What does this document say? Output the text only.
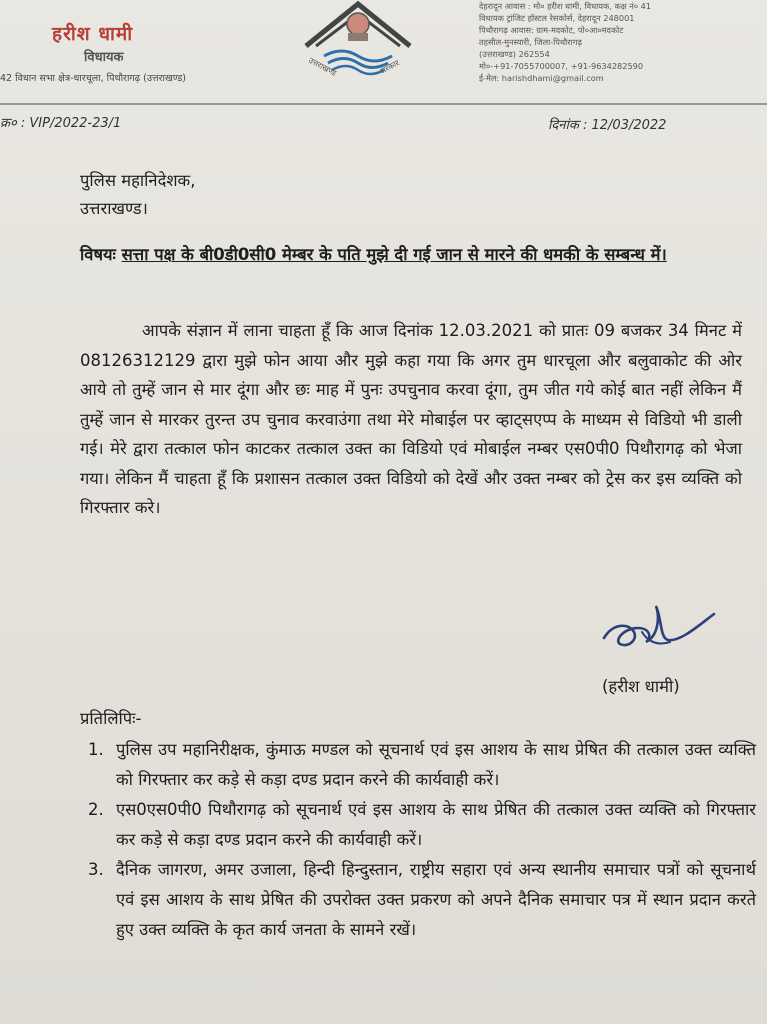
हरीश धामी
विधायक
42 विधान सभा क्षेत्र-धारचूला, पिथौरागढ़ (उत्तराखण्ड)
उत्तराखण्ड	सरकार
देहरादून आवास : मो० हरीश धामी, विधायक, कक्ष नं० 41
विधायक ट्रांजिट हॉस्टल रेसकोर्स, देहरादून 248001
पिथौरागढ़ आवास: ग्राम-मदकोट, पो०आ०मदकोट
तहसील-मुनस्यारी, जिला-पिथौरागढ़
(उत्तराखण्ड) 262554
मो०-+91-7055700007, +91-9634282590
ई-मेल: harishdhami@gmail.com
क्र० : VIP/2022-23/1	दिनांक : 12/03/2022
पुलिस महानिदेशक,
उत्तराखण्ड।
विषयः सत्ता पक्ष के बी0डी0सी0 मेम्बर के पति मुझे दी गई जान से मारने की धमकी के सम्बन्ध में।
आपके संज्ञान में लाना चाहता हूँ कि आज दिनांक 12.03.2021 को प्रातः 09 बजकर 34 मिनट में 08126312129 द्वारा मुझे फोन आया और मुझे कहा गया कि अगर तुम धारचूला और बलुवाकोट की ओर आये तो तुम्हें जान से मार दूंगा और छः माह में पुनः उपचुनाव करवा दूंगा, तुम जीत गये कोई बात नहीं लेकिन मैं तुम्हें जान से मारकर तुरन्त उप चुनाव करवाउंगा तथा मेरे मोबाईल पर व्हाट्सएप्प के माध्यम से विडियो भी डाली गई। मेरे द्वारा तत्काल फोन काटकर तत्काल उक्त का विडियो एवं मोबाईल नम्बर एस0पी0 पिथौरागढ़ को भेजा गया। लेकिन मैं चाहता हूँ कि प्रशासन तत्काल उक्त विडियो को देखें और उक्त नम्बर को ट्रेस कर इस व्यक्ति को गिरफ्तार करे।
(हरीश धामी)
प्रतिलिपिः-
1. पुलिस उप महानिरीक्षक, कुंमाऊ मण्डल को सूचनार्थ एवं इस आशय के साथ प्रेषित की तत्काल उक्त व्यक्ति को गिरफ्तार कर कड़े से कड़ा दण्ड प्रदान करने की कार्यवाही करें।
2. एस0एस0पी0 पिथौरागढ़ को सूचनार्थ एवं इस आशय के साथ प्रेषित की तत्काल उक्त व्यक्ति को गिरफ्तार कर कड़े से कड़ा दण्ड प्रदान करने की कार्यवाही करें।
3. दैनिक जागरण, अमर उजाला, हिन्दी हिन्दुस्तान, राष्ट्रीय सहारा एवं अन्य स्थानीय समाचार पत्रों को सूचनार्थ एवं इस आशय के साथ प्रेषित की उपरोक्त उक्त प्रकरण को अपने दैनिक समाचार पत्र में स्थान प्रदान करते हुए उक्त व्यक्ति के कृत कार्य जनता के सामने रखें।
